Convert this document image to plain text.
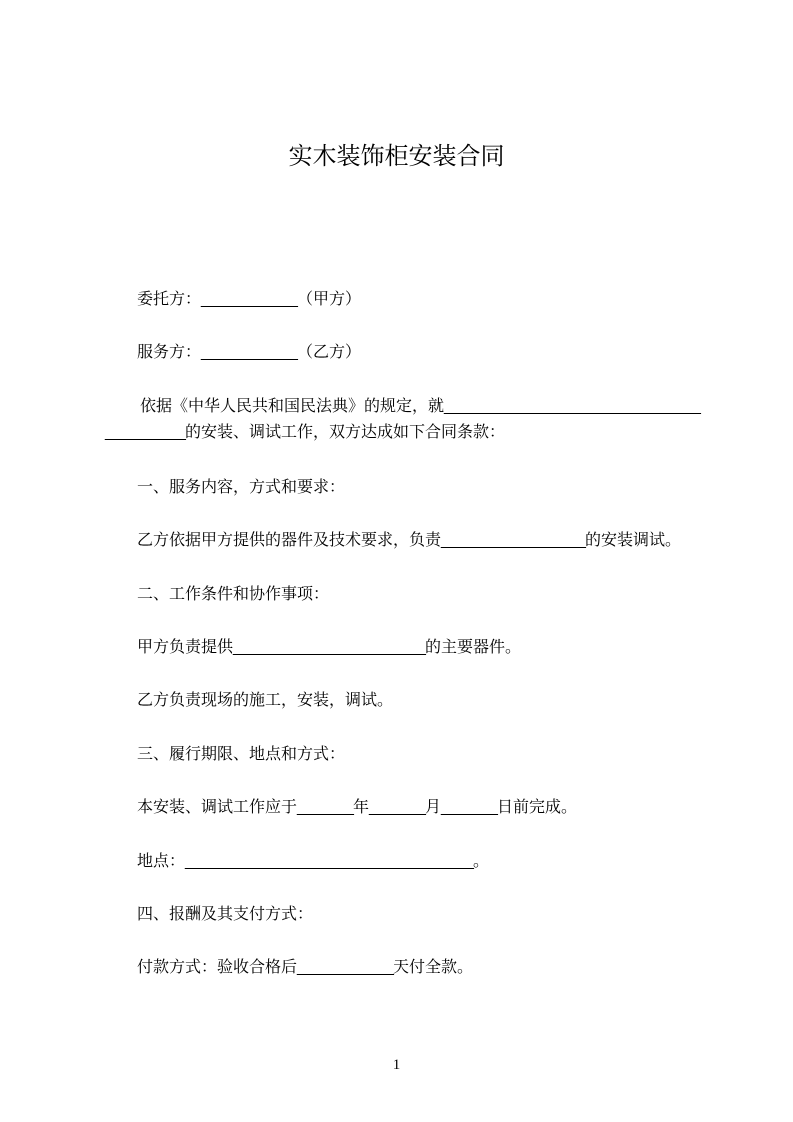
实木装饰柜安装合同

委托方：____________（甲方）

服务方：____________（乙方）

依据《中华人民共和国民法典》的规定，就________________________________
__________的安装、调试工作，双方达成如下合同条款：

一、服务内容，方式和要求：

乙方依据甲方提供的器件及技术要求，负责__________________的安装调试。

二、工作条件和协作事项：

甲方负责提供________________________的主要器件。

乙方负责现场的施工，安装，调试。

三、履行期限、地点和方式：

本安装、调试工作应于_______年_______月_______日前完成。

地点：____________________________________。

四、报酬及其支付方式：

付款方式：验收合格后____________天付全款。

1
